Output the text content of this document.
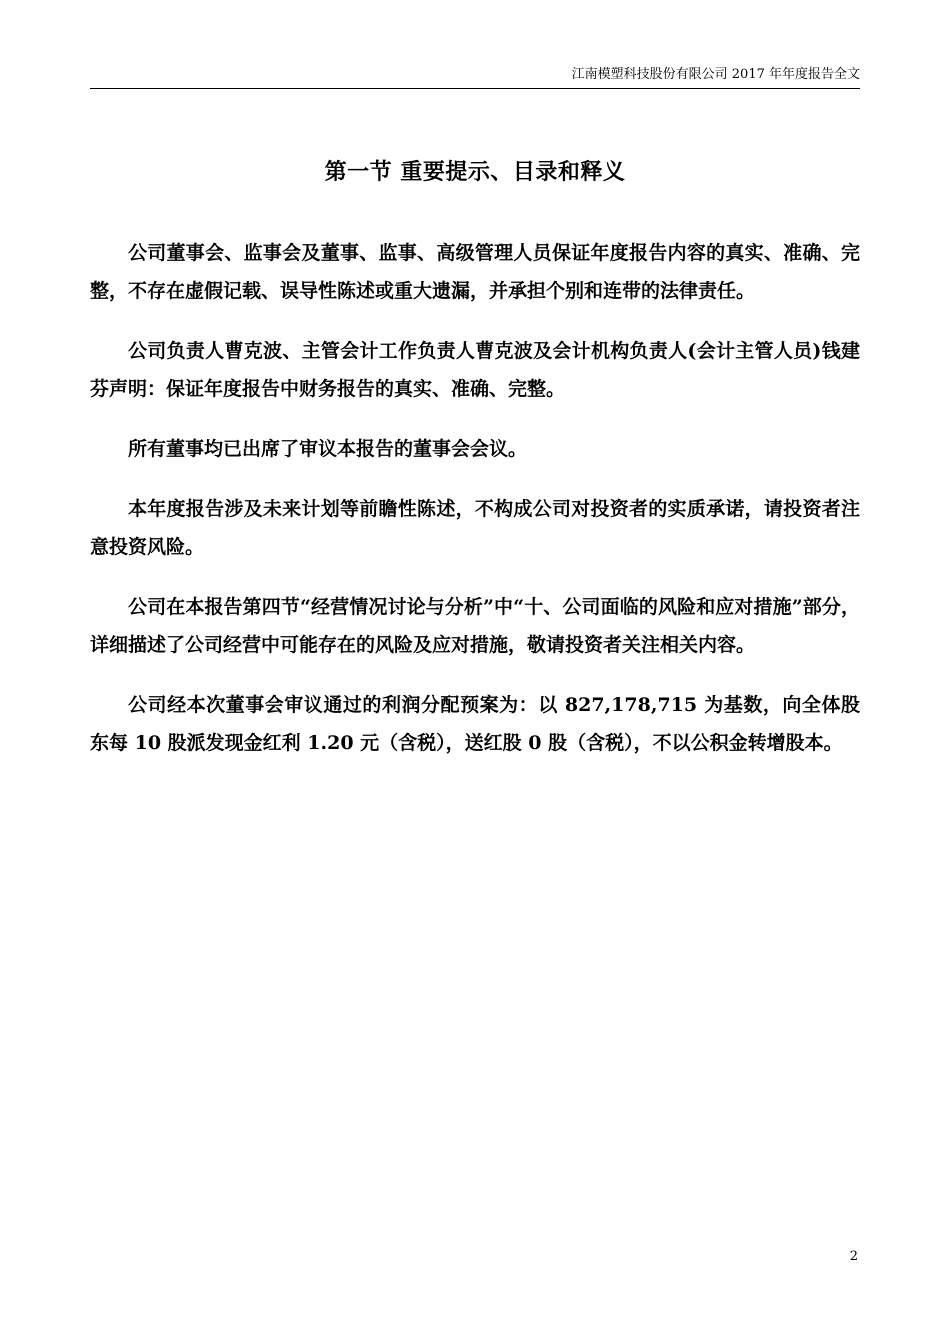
江南模塑科技股份有限公司 2017 年年度报告全文
第一节 重要提示、目录和释义

公司董事会、监事会及董事、监事、高级管理人员保证年度报告内容的真实、准确、完整，不存在虚假记载、误导性陈述或重大遗漏，并承担个别和连带的法律责任。

公司负责人曹克波、主管会计工作负责人曹克波及会计机构负责人(会计主管人员)钱建芬声明：保证年度报告中财务报告的真实、准确、完整。

所有董事均已出席了审议本报告的董事会会议。

本年度报告涉及未来计划等前瞻性陈述，不构成公司对投资者的实质承诺，请投资者注意投资风险。

公司在本报告第四节“经营情况讨论与分析”中“十、公司面临的风险和应对措施”部分，详细描述了公司经营中可能存在的风险及应对措施，敬请投资者关注相关内容。

公司经本次董事会审议通过的利润分配预案为：以 827,178,715 为基数，向全体股东每 10 股派发现金红利 1.20 元（含税），送红股 0 股（含税），不以公积金转增股本。

2
